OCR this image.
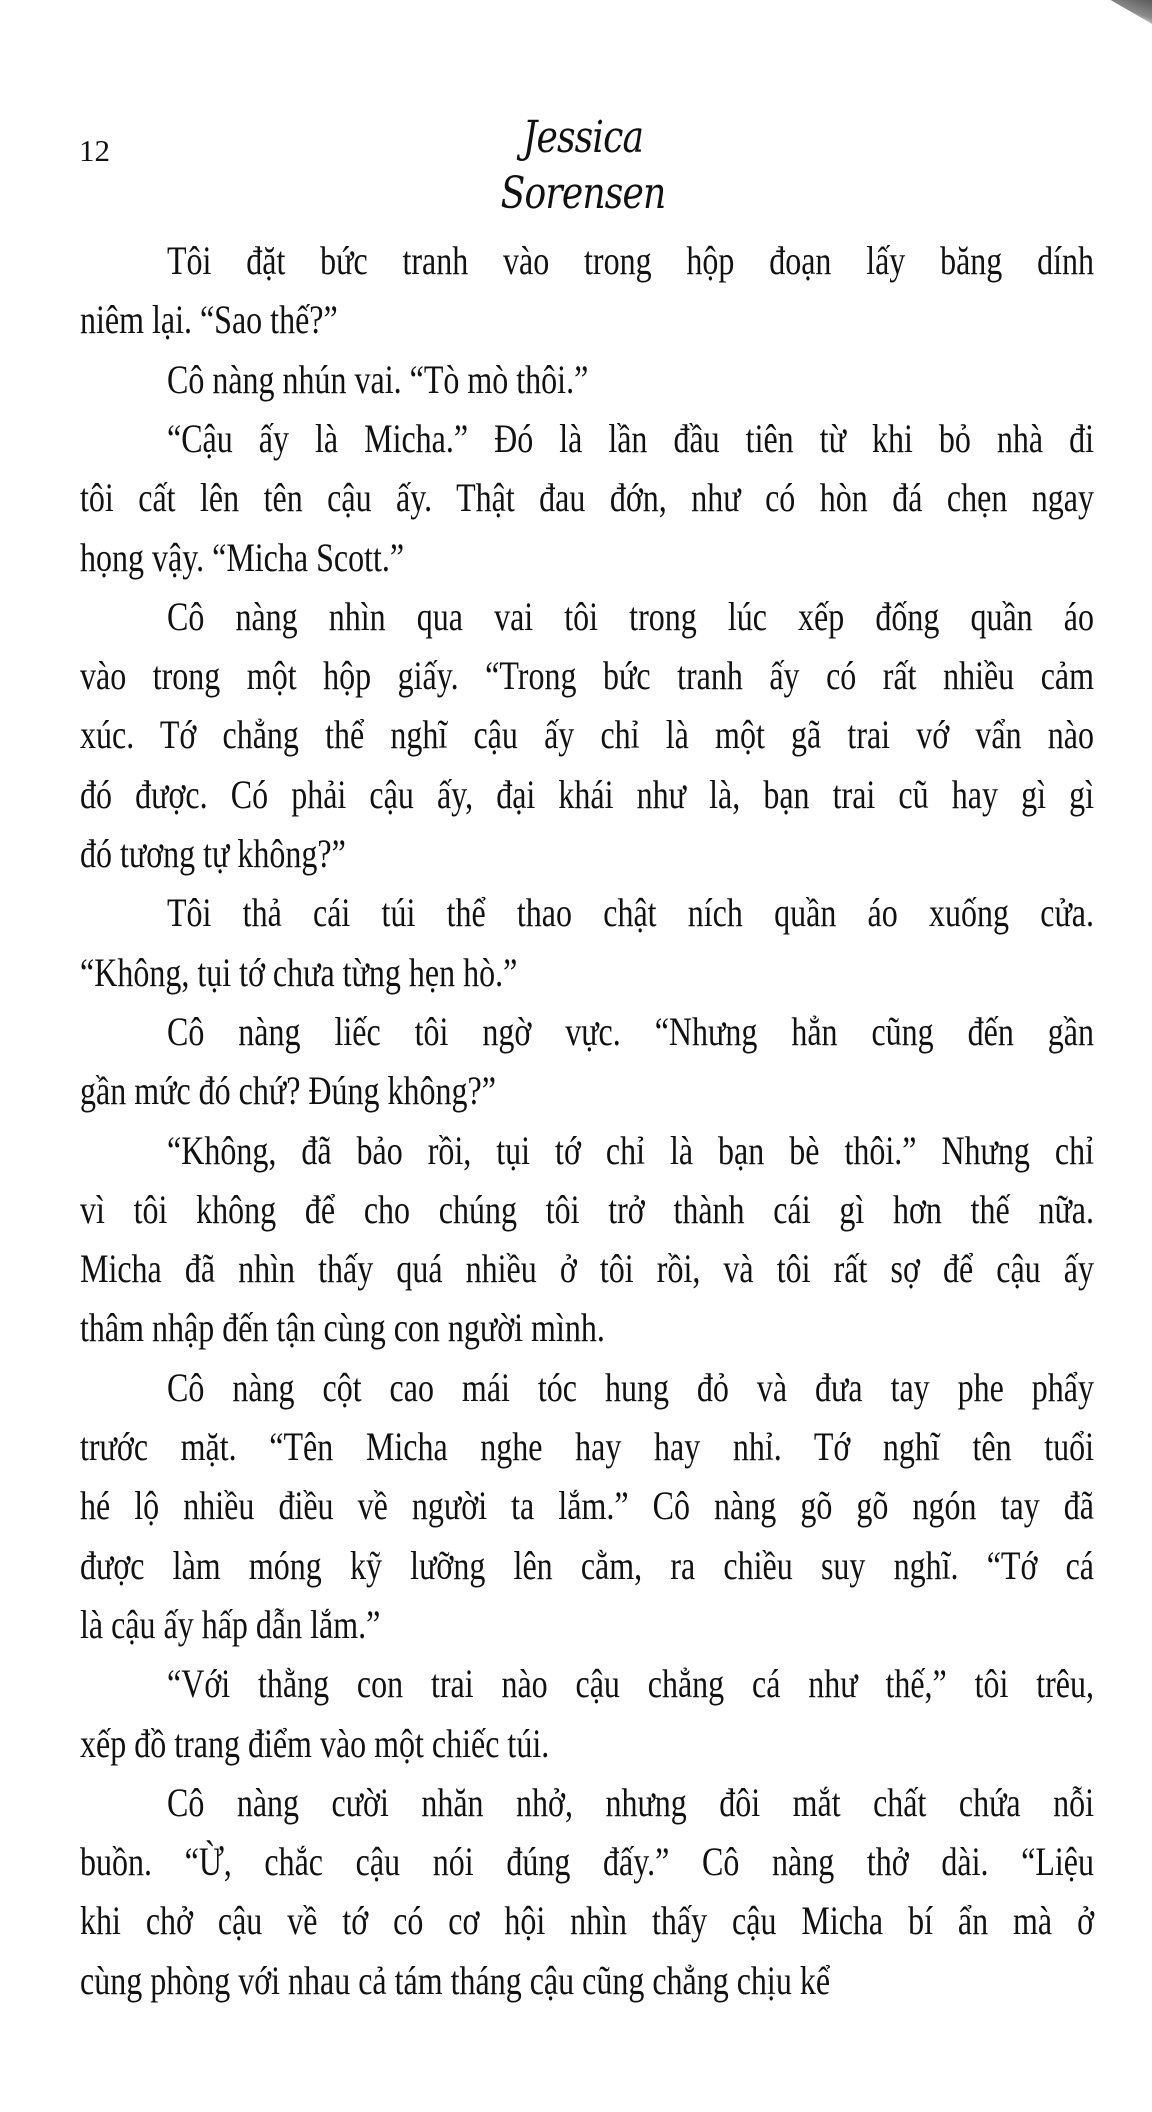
12	Jessica Sorensen
Tôi đặt bức tranh vào trong hộp đoạn lấy băng dính
niêm lại. “Sao thế?”
Cô nàng nhún vai. “Tò mò thôi.”
“Cậu ấy là Micha.” Đó là lần đầu tiên từ khi bỏ nhà đi
tôi cất lên tên cậu ấy. Thật đau đớn, như có hòn đá chẹn ngay
họng vậy. “Micha Scott.”
Cô nàng nhìn qua vai tôi trong lúc xếp đống quần áo
vào trong một hộp giấy. “Trong bức tranh ấy có rất nhiều cảm
xúc. Tớ chẳng thể nghĩ cậu ấy chỉ là một gã trai vớ vẩn nào
đó được. Có phải cậu ấy, đại khái như là, bạn trai cũ hay gì gì
đó tương tự không?”
Tôi thả cái túi thể thao chật ních quần áo xuống cửa.
“Không, tụi tớ chưa từng hẹn hò.”
Cô nàng liếc tôi ngờ vực. “Nhưng hẳn cũng đến gần
gần mức đó chứ? Đúng không?”
“Không, đã bảo rồi, tụi tớ chỉ là bạn bè thôi.” Nhưng chỉ
vì tôi không để cho chúng tôi trở thành cái gì hơn thế nữa.
Micha đã nhìn thấy quá nhiều ở tôi rồi, và tôi rất sợ để cậu ấy
thâm nhập đến tận cùng con người mình.
Cô nàng cột cao mái tóc hung đỏ và đưa tay phe phẩy
trước mặt. “Tên Micha nghe hay hay nhỉ. Tớ nghĩ tên tuổi
hé lộ nhiều điều về người ta lắm.” Cô nàng gõ gõ ngón tay đã
được làm móng kỹ lưỡng lên cằm, ra chiều suy nghĩ. “Tớ cá
là cậu ấy hấp dẫn lắm.”
“Với thằng con trai nào cậu chẳng cá như thế,” tôi trêu,
xếp đồ trang điểm vào một chiếc túi.
Cô nàng cười nhăn nhở, nhưng đôi mắt chất chứa nỗi
buồn. “Ừ, chắc cậu nói đúng đấy.” Cô nàng thở dài. “Liệu
khi chở cậu về tớ có cơ hội nhìn thấy cậu Micha bí ẩn mà ở
cùng phòng với nhau cả tám tháng cậu cũng chẳng chịu kể
